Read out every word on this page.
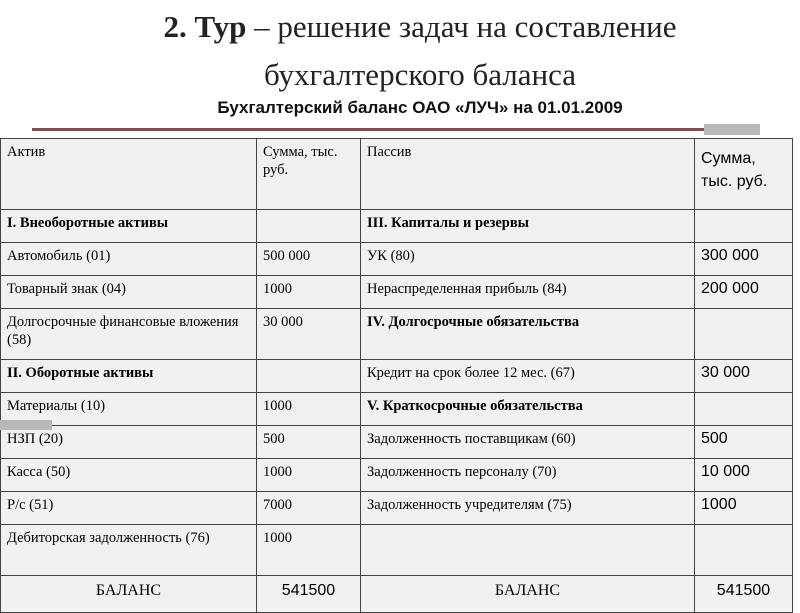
2. Тур – решение задач на составление
бухгалтерского баланса
Бухгалтерский баланс ОАО «ЛУЧ» на 01.01.2009
Актив	Сумма, тыс. руб.	Пассив	Сумма, тыс. руб.
I. Внеоборотные активы		III. Капиталы и резервы	
Автомобиль (01)	500 000	УК (80)	300 000
Товарный знак (04)	1000	Нераспределенная прибыль (84)	200 000
Долгосрочные финансовые вложения (58)	30 000	IV. Долгосрочные обязательства	
II. Оборотные активы		Кредит на срок более 12 мес. (67)	30 000
Материалы (10)	1000	V. Краткосрочные обязательства	
НЗП (20)	500	Задолженность поставщикам (60)	500
Касса (50)	1000	Задолженность персоналу (70)	10 000
Р/с (51)	7000	Задолженность учредителям (75)	1000
Дебиторская задолженность (76)	1000		
БАЛАНС	541500	БАЛАНС	541500
